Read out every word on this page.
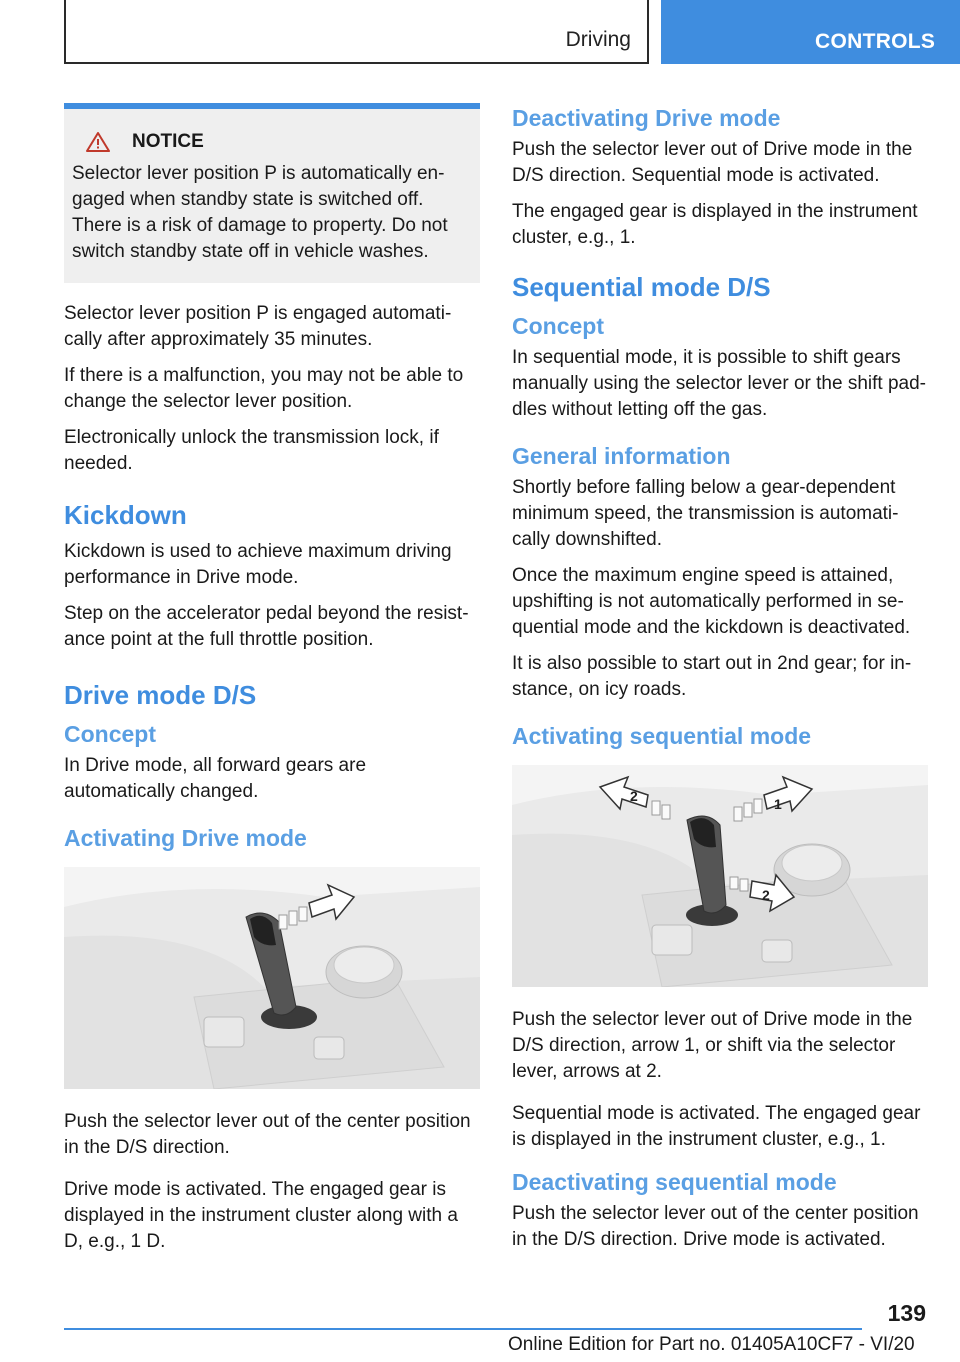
Driving	CONTROLS
NOTICE
Selector lever position P is automatically engaged when standby state is switched off. There is a risk of damage to property. Do not switch standby state off in vehicle washes.

Selector lever position P is engaged automatically after approximately 35 minutes.

If there is a malfunction, you may not be able to change the selector lever position.

Electronically unlock the transmission lock, if needed.

Kickdown

Kickdown is used to achieve maximum driving performance in Drive mode.

Step on the accelerator pedal beyond the resistance point at the full throttle position.

Drive mode D/S
Concept

In Drive mode, all forward gears are automatically changed.

Activating Drive mode

Push the selector lever out of the center position in the D/S direction.

Drive mode is activated. The engaged gear is displayed in the instrument cluster along with a D, e.g., 1 D.

Deactivating Drive mode

Push the selector lever out of Drive mode in the D/S direction. Sequential mode is activated.

The engaged gear is displayed in the instrument cluster, e.g., 1.

Sequential mode D/S
Concept

In sequential mode, it is possible to shift gears manually using the selector lever or the shift paddles without letting off the gas.

General information

Shortly before falling below a gear-dependent minimum speed, the transmission is automatically downshifted.

Once the maximum engine speed is attained, upshifting is not automatically performed in sequential mode and the kickdown is deactivated.

It is also possible to start out in 2nd gear; for instance, on icy roads.

Activating sequential mode
1
2
2

Push the selector lever out of Drive mode in the D/S direction, arrow 1, or shift via the selector lever, arrows at 2.

Sequential mode is activated. The engaged gear is displayed in the instrument cluster, e.g., 1.

Deactivating sequential mode

Push the selector lever out of the center position in the D/S direction. Drive mode is activated.

139
Online Edition for Part no. 01405A10CF7 - VI/20
